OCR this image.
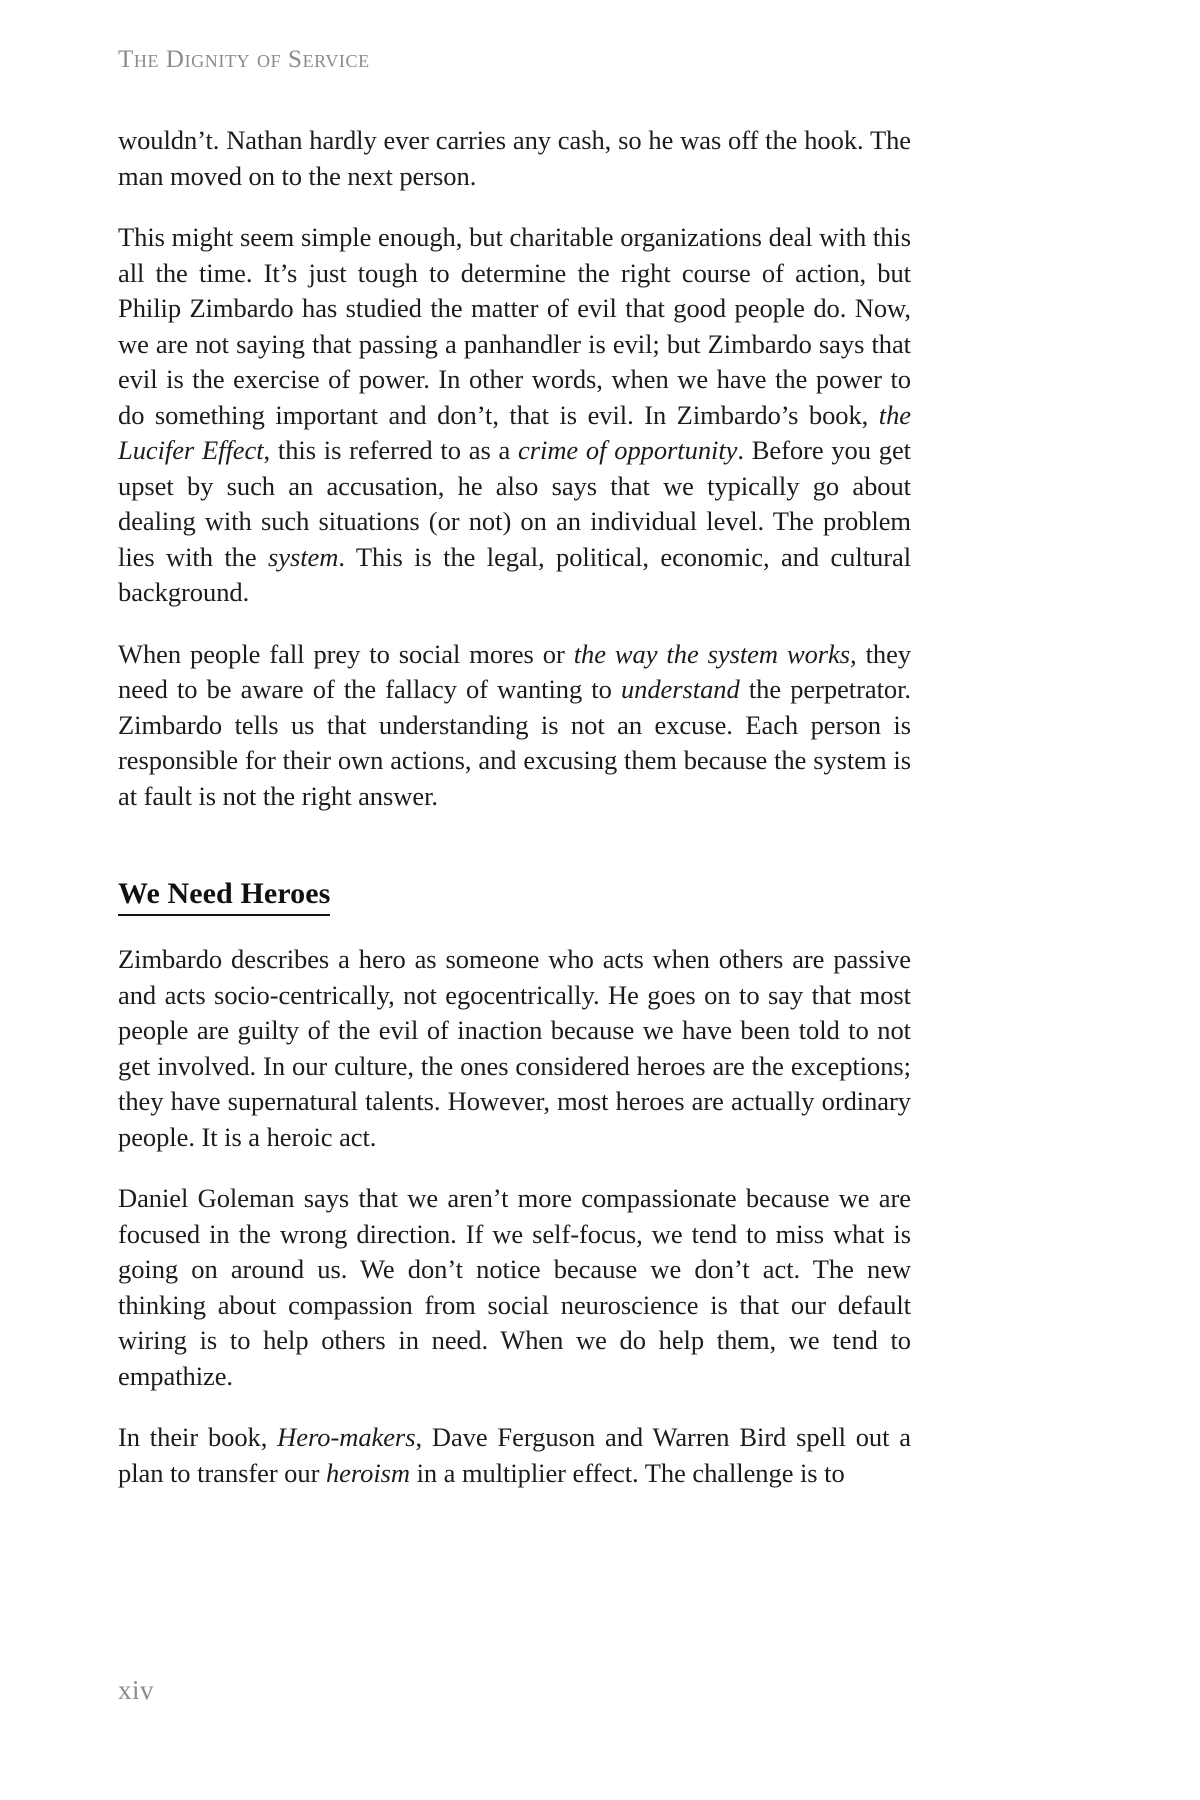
The Dignity of Service

wouldn’t. Nathan hardly ever carries any cash, so he was off the hook. The man moved on to the next person.

This might seem simple enough, but charitable organizations deal with this all the time. It’s just tough to determine the right course of action, but Philip Zimbardo has studied the matter of evil that good people do. Now, we are not saying that passing a panhandler is evil; but Zimbardo says that evil is the exercise of power. In other words, when we have the power to do something important and don’t, that is evil. In Zimbardo’s book, the Lucifer Effect, this is referred to as a crime of opportunity. Before you get upset by such an accusation, he also says that we typically go about dealing with such situations (or not) on an individual level. The problem lies with the system. This is the legal, political, economic, and cultural background.

When people fall prey to social mores or the way the system works, they need to be aware of the fallacy of wanting to understand the perpetrator. Zimbardo tells us that understanding is not an excuse. Each person is responsible for their own actions, and excusing them because the system is at fault is not the right answer.

We Need Heroes

Zimbardo describes a hero as someone who acts when others are passive and acts socio-centrically, not egocentrically. He goes on to say that most people are guilty of the evil of inaction because we have been told to not get involved. In our culture, the ones considered heroes are the exceptions; they have supernatural talents. However, most heroes are actually ordinary people. It is a heroic act.

Daniel Goleman says that we aren’t more compassionate because we are focused in the wrong direction. If we self-focus, we tend to miss what is going on around us. We don’t notice because we don’t act. The new thinking about compassion from social neuroscience is that our default wiring is to help others in need. When we do help them, we tend to empathize.

In their book, Hero-makers, Dave Ferguson and Warren Bird spell out a plan to transfer our heroism in a multiplier effect. The challenge is to

xiv
